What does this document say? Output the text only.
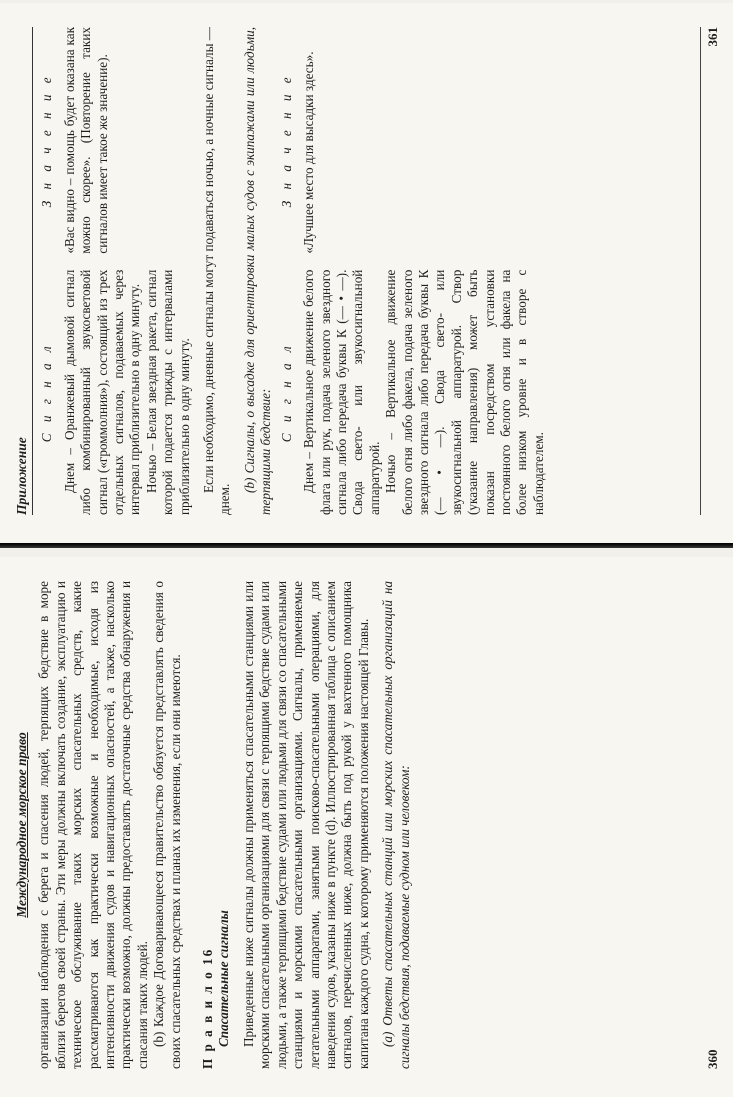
Международное морское право организации наблюдения с берега и спасения людей, терпящих бедствие в море вблизи берегов своей страны. Эти меры должны включать создание, эксплуатацию и техническое обслуживание таких морских спасательных средств, какие рассматриваются как практически возможные и необходимые, исходя из интенсивности движения судов и навигационных опасностей, а также, насколько практически возможно, должны предоставлять достаточные средства обнаружения и спасания таких людей. (b) Каждое Договаривающееся правительство обязуется представлять сведения о своих спасательных средствах и планах их изменения, если они имеются. П р а в и л о 16 Спасательные сигналы Приведенные ниже сигналы должны применяться спасательными станциями или морскими спасательными организациями для связи с терпящими бедствие судами или людьми, а также терпящими бедствие судами или людьми для связи со спасательными станциями и морскими спасательными организациями. Сигналы, применяемые летательными аппаратами, занятыми поисково-спасательными операциями, для наведения судов, указаны ниже в пункте (d). Иллюстрированная таблица с описанием сигналов, перечисленных ниже, должна быть под рукой у вахтенного помощника капитана каждого судна, к которому применяются положения настоящей Главы. (a) Ответы спасательных станций или морских спасательных организаций на сигналы бедствия, подаваемые судном или человеком:	360
Приложение
С и г н а л	З н а ч е н и е

Днем – Оранжевый дымовой сигнал либо комбинированный звукосветовой сигнал («громмолния»), состоящий из трех отдельных сигналов, подаваемых через интервал приблизительно в одну минуту. Ночью – Белая звездная ракета, сигнал которой подается трижды с интервалами приблизительно в одну минуту.	«Вас видно – помощь будет оказана как можно скорее». (Повторение таких сигналов имеет такое же значение).	Если необходимо, дневные сигналы могут подаваться ночью, а ночные сигналы — днем.

(b) Сигналы, о высадке для ориентировки малых судов с экипажами или людьми, терпящими бедствие: С и г н а л	З н а ч е н и е

Днем – Вертикальное движение белого флага или рук, подача зеленого звездного сигнала либо передача буквы К (— • —). Свода свето- или звукосигнальной аппаратурой. Ночью – Вертикальное движение белого огня либо факела, подача зеленого звездного сигнала либо передача буквы К (— • —). Свода свето- или звукосигнальной аппаратурой. Створ (указание направления) может быть показан посредством установки постоянного белого огня или факела на более низком уровне и в створе с наблюдателем.	«Лучшее место для высадки здесь».

361
